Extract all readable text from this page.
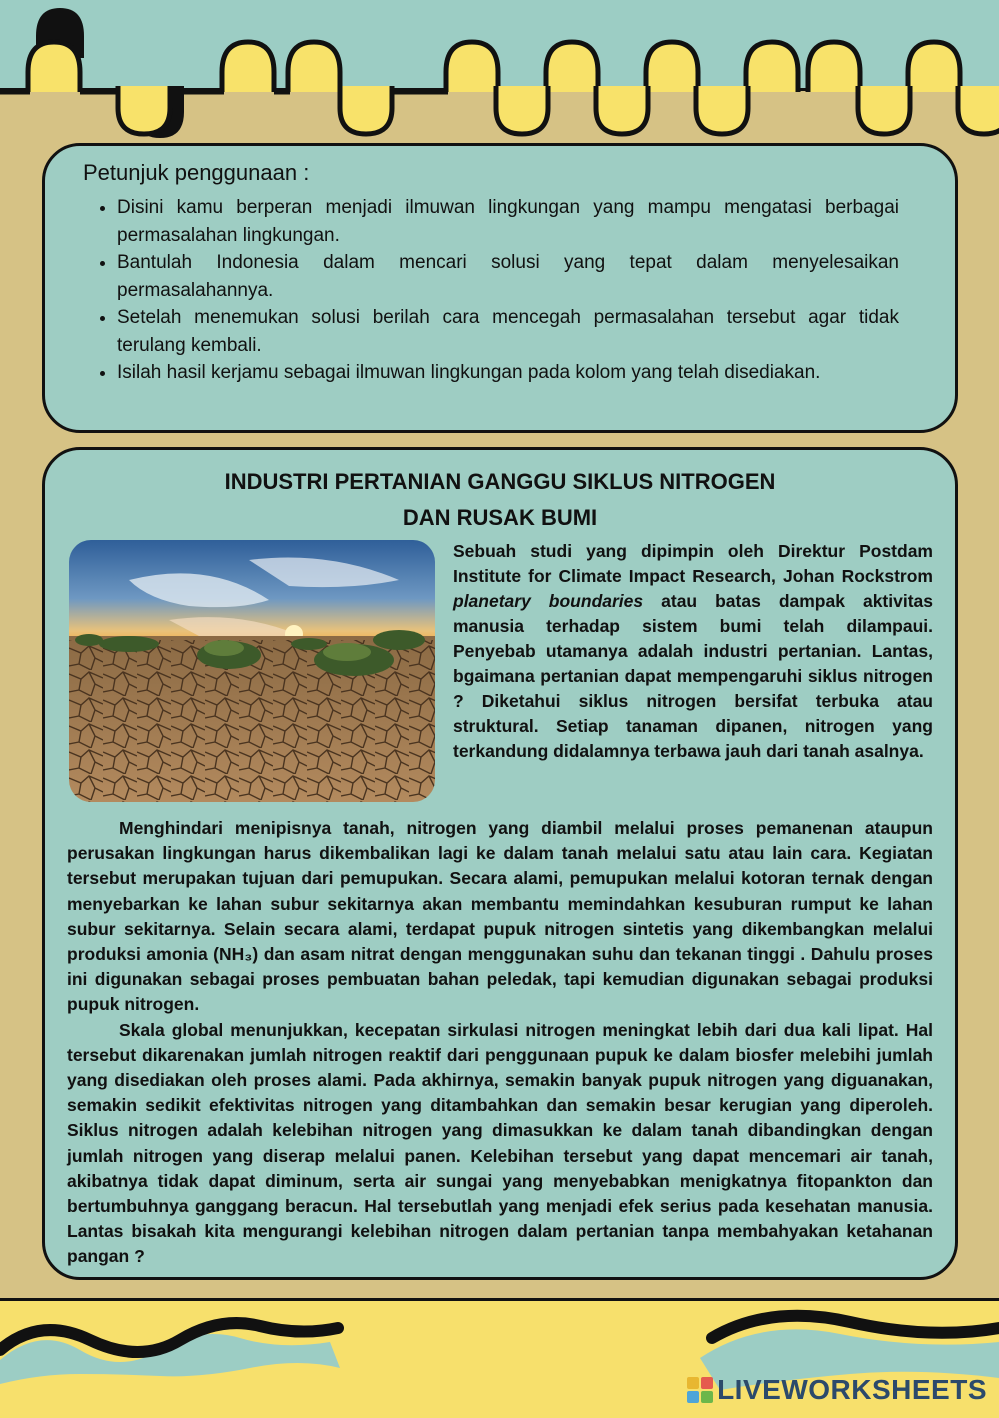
Petunjuk penggunaan :
• Disini kamu berperan menjadi ilmuwan lingkungan yang mampu mengatasi berbagai permasalahan lingkungan.
• Bantulah Indonesia dalam mencari solusi yang tepat dalam menyelesaikan permasalahannya.
• Setelah menemukan solusi berilah cara mencegah permasalahan tersebut agar tidak terulang kembali.
• Isilah hasil kerjamu sebagai ilmuwan lingkungan pada kolom yang telah disediakan.
INDUSTRI PERTANIAN GANGGU SIKLUS NITROGEN
DAN RUSAK BUMI

Sebuah studi yang dipimpin oleh Direktur Postdam Institute for Climate Impact Research, Johan Rockstrom planetary boundaries atau batas dampak aktivitas manusia terhadap sistem bumi telah dilampaui. Penyebab utamanya adalah industri pertanian. Lantas, bgaimana pertanian dapat mempengaruhi siklus nitrogen ? Diketahui siklus nitrogen bersifat terbuka atau struktural. Setiap tanaman dipanen, nitrogen yang terkandung didalamnya terbawa jauh dari tanah asalnya.

Menghindari menipisnya tanah, nitrogen yang diambil melalui proses pemanenan ataupun perusakan lingkungan harus dikembalikan lagi ke dalam tanah melalui satu atau lain cara. Kegiatan tersebut merupakan tujuan dari pemupukan. Secara alami, pemupukan melalui kotoran ternak dengan menyebarkan ke lahan subur sekitarnya akan membantu memindahkan kesuburan rumput ke lahan subur sekitarnya. Selain secara alami, terdapat pupuk nitrogen sintetis yang dikembangkan melalui produksi amonia (NH₃) dan asam nitrat dengan menggunakan suhu dan tekanan tinggi . Dahulu proses ini digunakan sebagai proses pembuatan bahan peledak, tapi kemudian digunakan sebagai produksi pupuk nitrogen.

Skala global menunjukkan, kecepatan sirkulasi nitrogen meningkat lebih dari dua kali lipat. Hal tersebut dikarenakan jumlah nitrogen reaktif dari penggunaan pupuk ke dalam biosfer melebihi jumlah yang disediakan oleh proses alami. Pada akhirnya, semakin banyak pupuk nitrogen yang diguanakan, semakin sedikit efektivitas nitrogen yang ditambahkan dan semakin besar kerugian yang diperoleh. Siklus nitrogen adalah kelebihan nitrogen yang dimasukkan ke dalam tanah dibandingkan dengan jumlah nitrogen yang diserap melalui panen. Kelebihan tersebut yang dapat mencemari air tanah, akibatnya tidak dapat diminum, serta air sungai yang menyebabkan menigkatnya fitopankton dan bertumbuhnya ganggang beracun. Hal tersebutlah yang menjadi efek serius pada kesehatan manusia. Lantas bisakah kita mengurangi kelebihan nitrogen dalam pertanian tanpa membahyakan ketahanan pangan ?

LIVEWORKSHEETS
